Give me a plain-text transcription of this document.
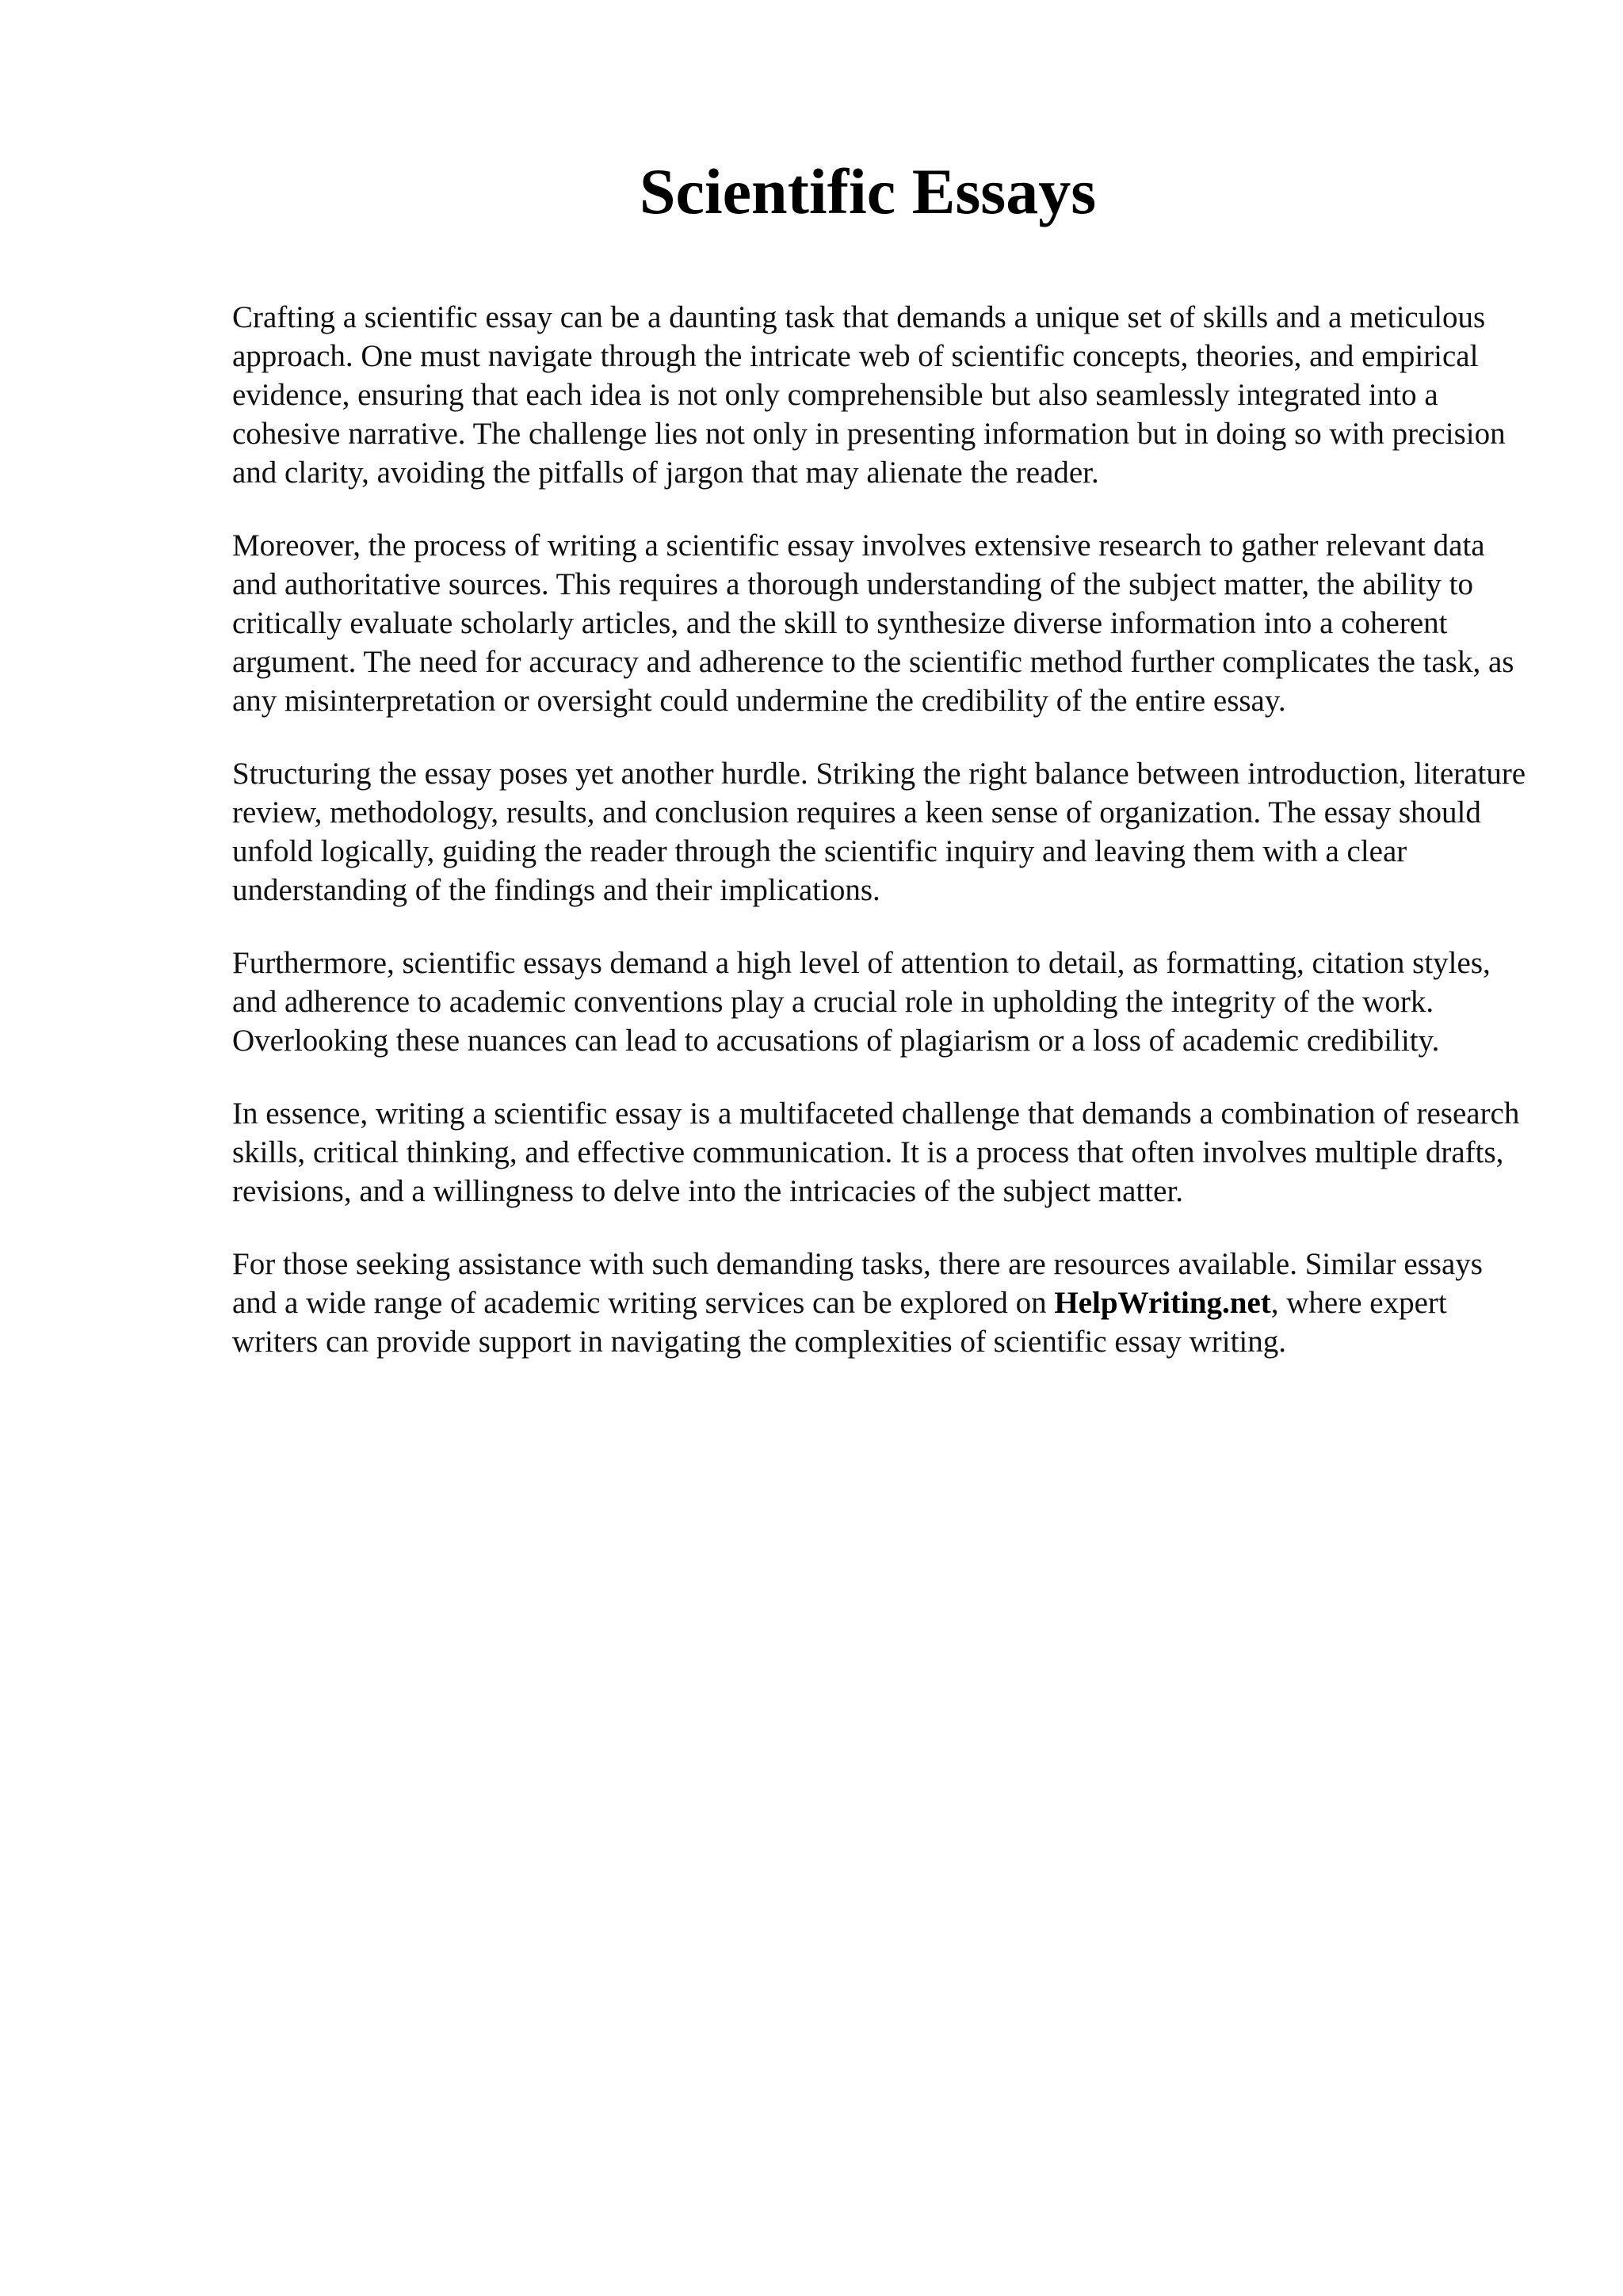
Scientific Essays

Crafting a scientific essay can be a daunting task that demands a unique set of skills and a meticulous approach. One must navigate through the intricate web of scientific concepts, theories, and empirical evidence, ensuring that each idea is not only comprehensible but also seamlessly integrated into a cohesive narrative. The challenge lies not only in presenting information but in doing so with precision and clarity, avoiding the pitfalls of jargon that may alienate the reader.

Moreover, the process of writing a scientific essay involves extensive research to gather relevant data and authoritative sources. This requires a thorough understanding of the subject matter, the ability to critically evaluate scholarly articles, and the skill to synthesize diverse information into a coherent argument. The need for accuracy and adherence to the scientific method further complicates the task, as any misinterpretation or oversight could undermine the credibility of the entire essay.

Structuring the essay poses yet another hurdle. Striking the right balance between introduction, literature review, methodology, results, and conclusion requires a keen sense of organization. The essay should unfold logically, guiding the reader through the scientific inquiry and leaving them with a clear understanding of the findings and their implications.

Furthermore, scientific essays demand a high level of attention to detail, as formatting, citation styles, and adherence to academic conventions play a crucial role in upholding the integrity of the work. Overlooking these nuances can lead to accusations of plagiarism or a loss of academic credibility.

In essence, writing a scientific essay is a multifaceted challenge that demands a combination of research skills, critical thinking, and effective communication. It is a process that often involves multiple drafts, revisions, and a willingness to delve into the intricacies of the subject matter.

For those seeking assistance with such demanding tasks, there are resources available. Similar essays and a wide range of academic writing services can be explored on HelpWriting.net, where expert writers can provide support in navigating the complexities of scientific essay writing.
